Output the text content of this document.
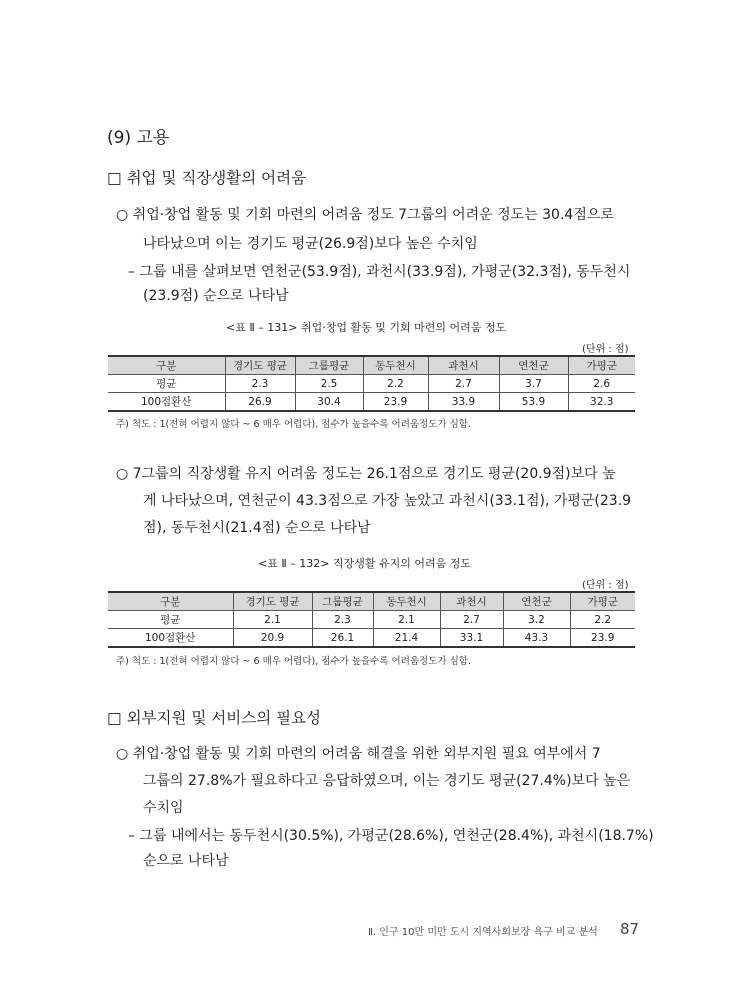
(9) 고용
□ 취업 및 직장생활의 어려움
○ 취업·창업 활동 및 기회 마련의 어려움 정도 7그룹의 어려운 정도는 30.4점으로
나타났으며 이는 경기도 평균(26.9점)보다 높은 수치임
– 그룹 내를 살펴보면 연천군(53.9점), 과천시(33.9점), 가평군(32.3점), 동두천시
(23.9점) 순으로 나타남
<표 Ⅱ – 131> 취업·창업 활동 및 기회 마련의 어려움 정도
(단위 : 점)
구분	경기도 평균	그룹평균	동두천시	과천시	연천군	가평군
평균	2.3	2.5	2.2	2.7	3.7	2.6
100점환산	26.9	30.4	23.9	33.9	53.9	32.3
주) 척도 : 1(전혀 어렵지 않다 ~ 6 매우 어렵다), 점수가 높을수록 어려움정도가 심함.
○ 7그룹의 직장생활 유지 어려움 정도는 26.1점으로 경기도 평균(20.9점)보다 높
게 나타났으며, 연천군이 43.3점으로 가장 높았고 과천시(33.1점), 가평군(23.9
점), 동두천시(21.4점) 순으로 나타남
<표 Ⅱ – 132> 직장생활 유지의 어려움 정도
(단위 : 점)
구분	경기도 평균	그룹평균	동두천시	과천시	연천군	가평군
평균	2.1	2.3	2.1	2.7	3.2	2.2
100점환산	20.9	26.1	21.4	33.1	43.3	23.9
주) 척도 : 1(전혀 어렵지 않다 ~ 6 매우 어렵다), 점수가 높을수록 어려움정도가 심함.
□ 외부지원 및 서비스의 필요성
○ 취업·창업 활동 및 기회 마련의 어려움 해결을 위한 외부지원 필요 여부에서 7
그룹의 27.8%가 필요하다고 응답하였으며, 이는 경기도 평균(27.4%)보다 높은
수치임
– 그룹 내에서는 동두천시(30.5%), 가평군(28.6%), 연천군(28.4%), 과천시(18.7%)
순으로 나타남
Ⅱ. 인구 10만 미만 도시 지역사회보장 욕구 비교 분석 87
